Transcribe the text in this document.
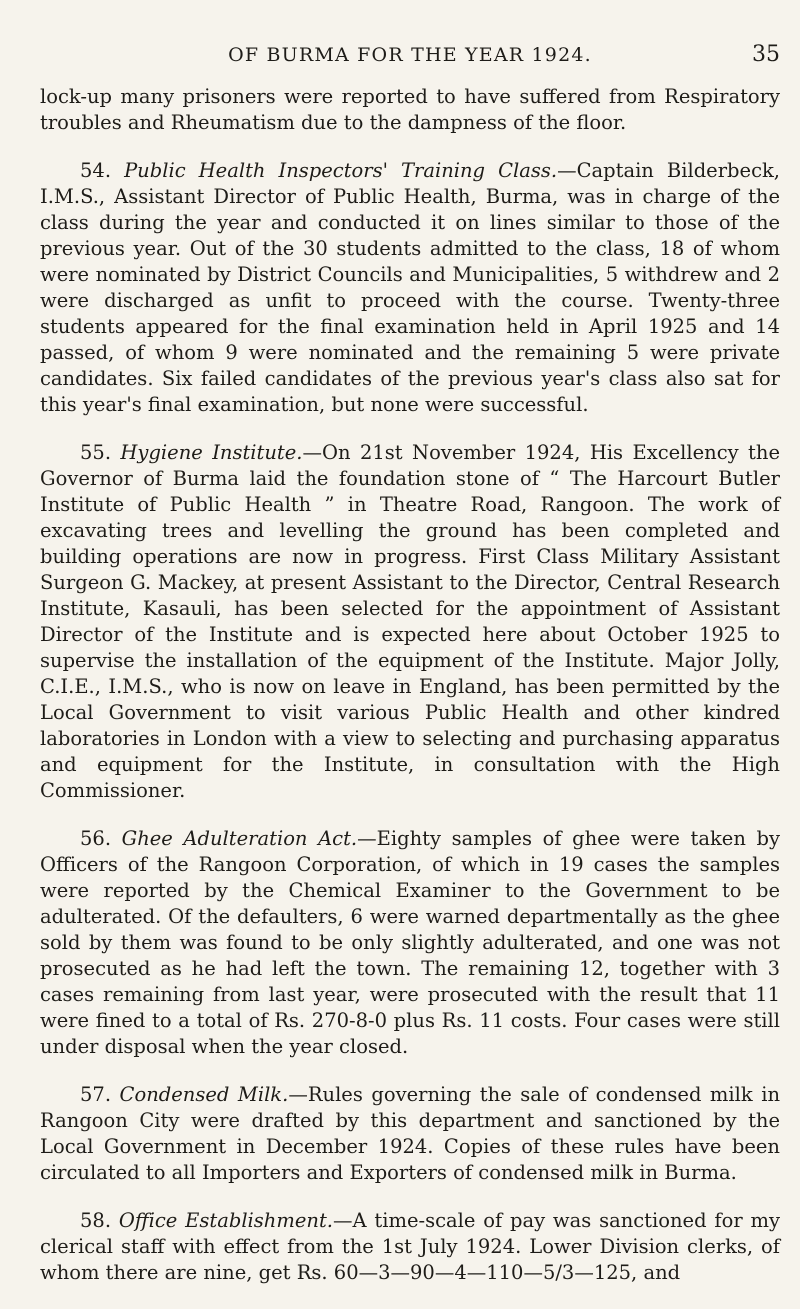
OF BURMA FOR THE YEAR 1924.	35

lock-up many prisoners were reported to have suffered from Respiratory troubles and Rheumatism due to the dampness of the floor.

54. Public Health Inspectors' Training Class.—Captain Bilderbeck, I.M.S., Assistant Director of Public Health, Burma, was in charge of the class during the year and conducted it on lines similar to those of the previous year. Out of the 30 students admitted to the class, 18 of whom were nominated by District Councils and Municipalities, 5 withdrew and 2 were discharged as unfit to proceed with the course. Twenty-three students appeared for the final examination held in April 1925 and 14 passed, of whom 9 were nominated and the remaining 5 were private candidates. Six failed candidates of the previous year's class also sat for this year's final examination, but none were successful.

55. Hygiene Institute.—On 21st November 1924, His Excellency the Governor of Burma laid the foundation stone of “ The Harcourt Butler Institute of Public Health ” in Theatre Road, Rangoon. The work of excavating trees and levelling the ground has been completed and building operations are now in progress. First Class Military Assistant Surgeon G. Mackey, at present Assistant to the Director, Central Research Institute, Kasauli, has been selected for the appointment of Assistant Director of the Institute and is expected here about October 1925 to supervise the installation of the equipment of the Institute. Major Jolly, C.I.E., I.M.S., who is now on leave in England, has been permitted by the Local Government to visit various Public Health and other kindred laboratories in London with a view to selecting and purchasing apparatus and equipment for the Institute, in consultation with the High Commissioner.

56. Ghee Adulteration Act.—Eighty samples of ghee were taken by Officers of the Rangoon Corporation, of which in 19 cases the samples were reported by the Chemical Examiner to the Government to be adulterated. Of the defaulters, 6 were warned departmentally as the ghee sold by them was found to be only slightly adulterated, and one was not prosecuted as he had left the town. The remaining 12, together with 3 cases remaining from last year, were prosecuted with the result that 11 were fined to a total of Rs. 270-8-0 plus Rs. 11 costs. Four cases were still under disposal when the year closed.

57. Condensed Milk.—Rules governing the sale of condensed milk in Rangoon City were drafted by this department and sanctioned by the Local Government in December 1924. Copies of these rules have been circulated to all Importers and Exporters of condensed milk in Burma.

58. Office Establishment.—A time-scale of pay was sanctioned for my clerical staff with effect from the 1st July 1924. Lower Division clerks, of whom there are nine, get Rs. 60—3—90—4—110—5/3—125, and
